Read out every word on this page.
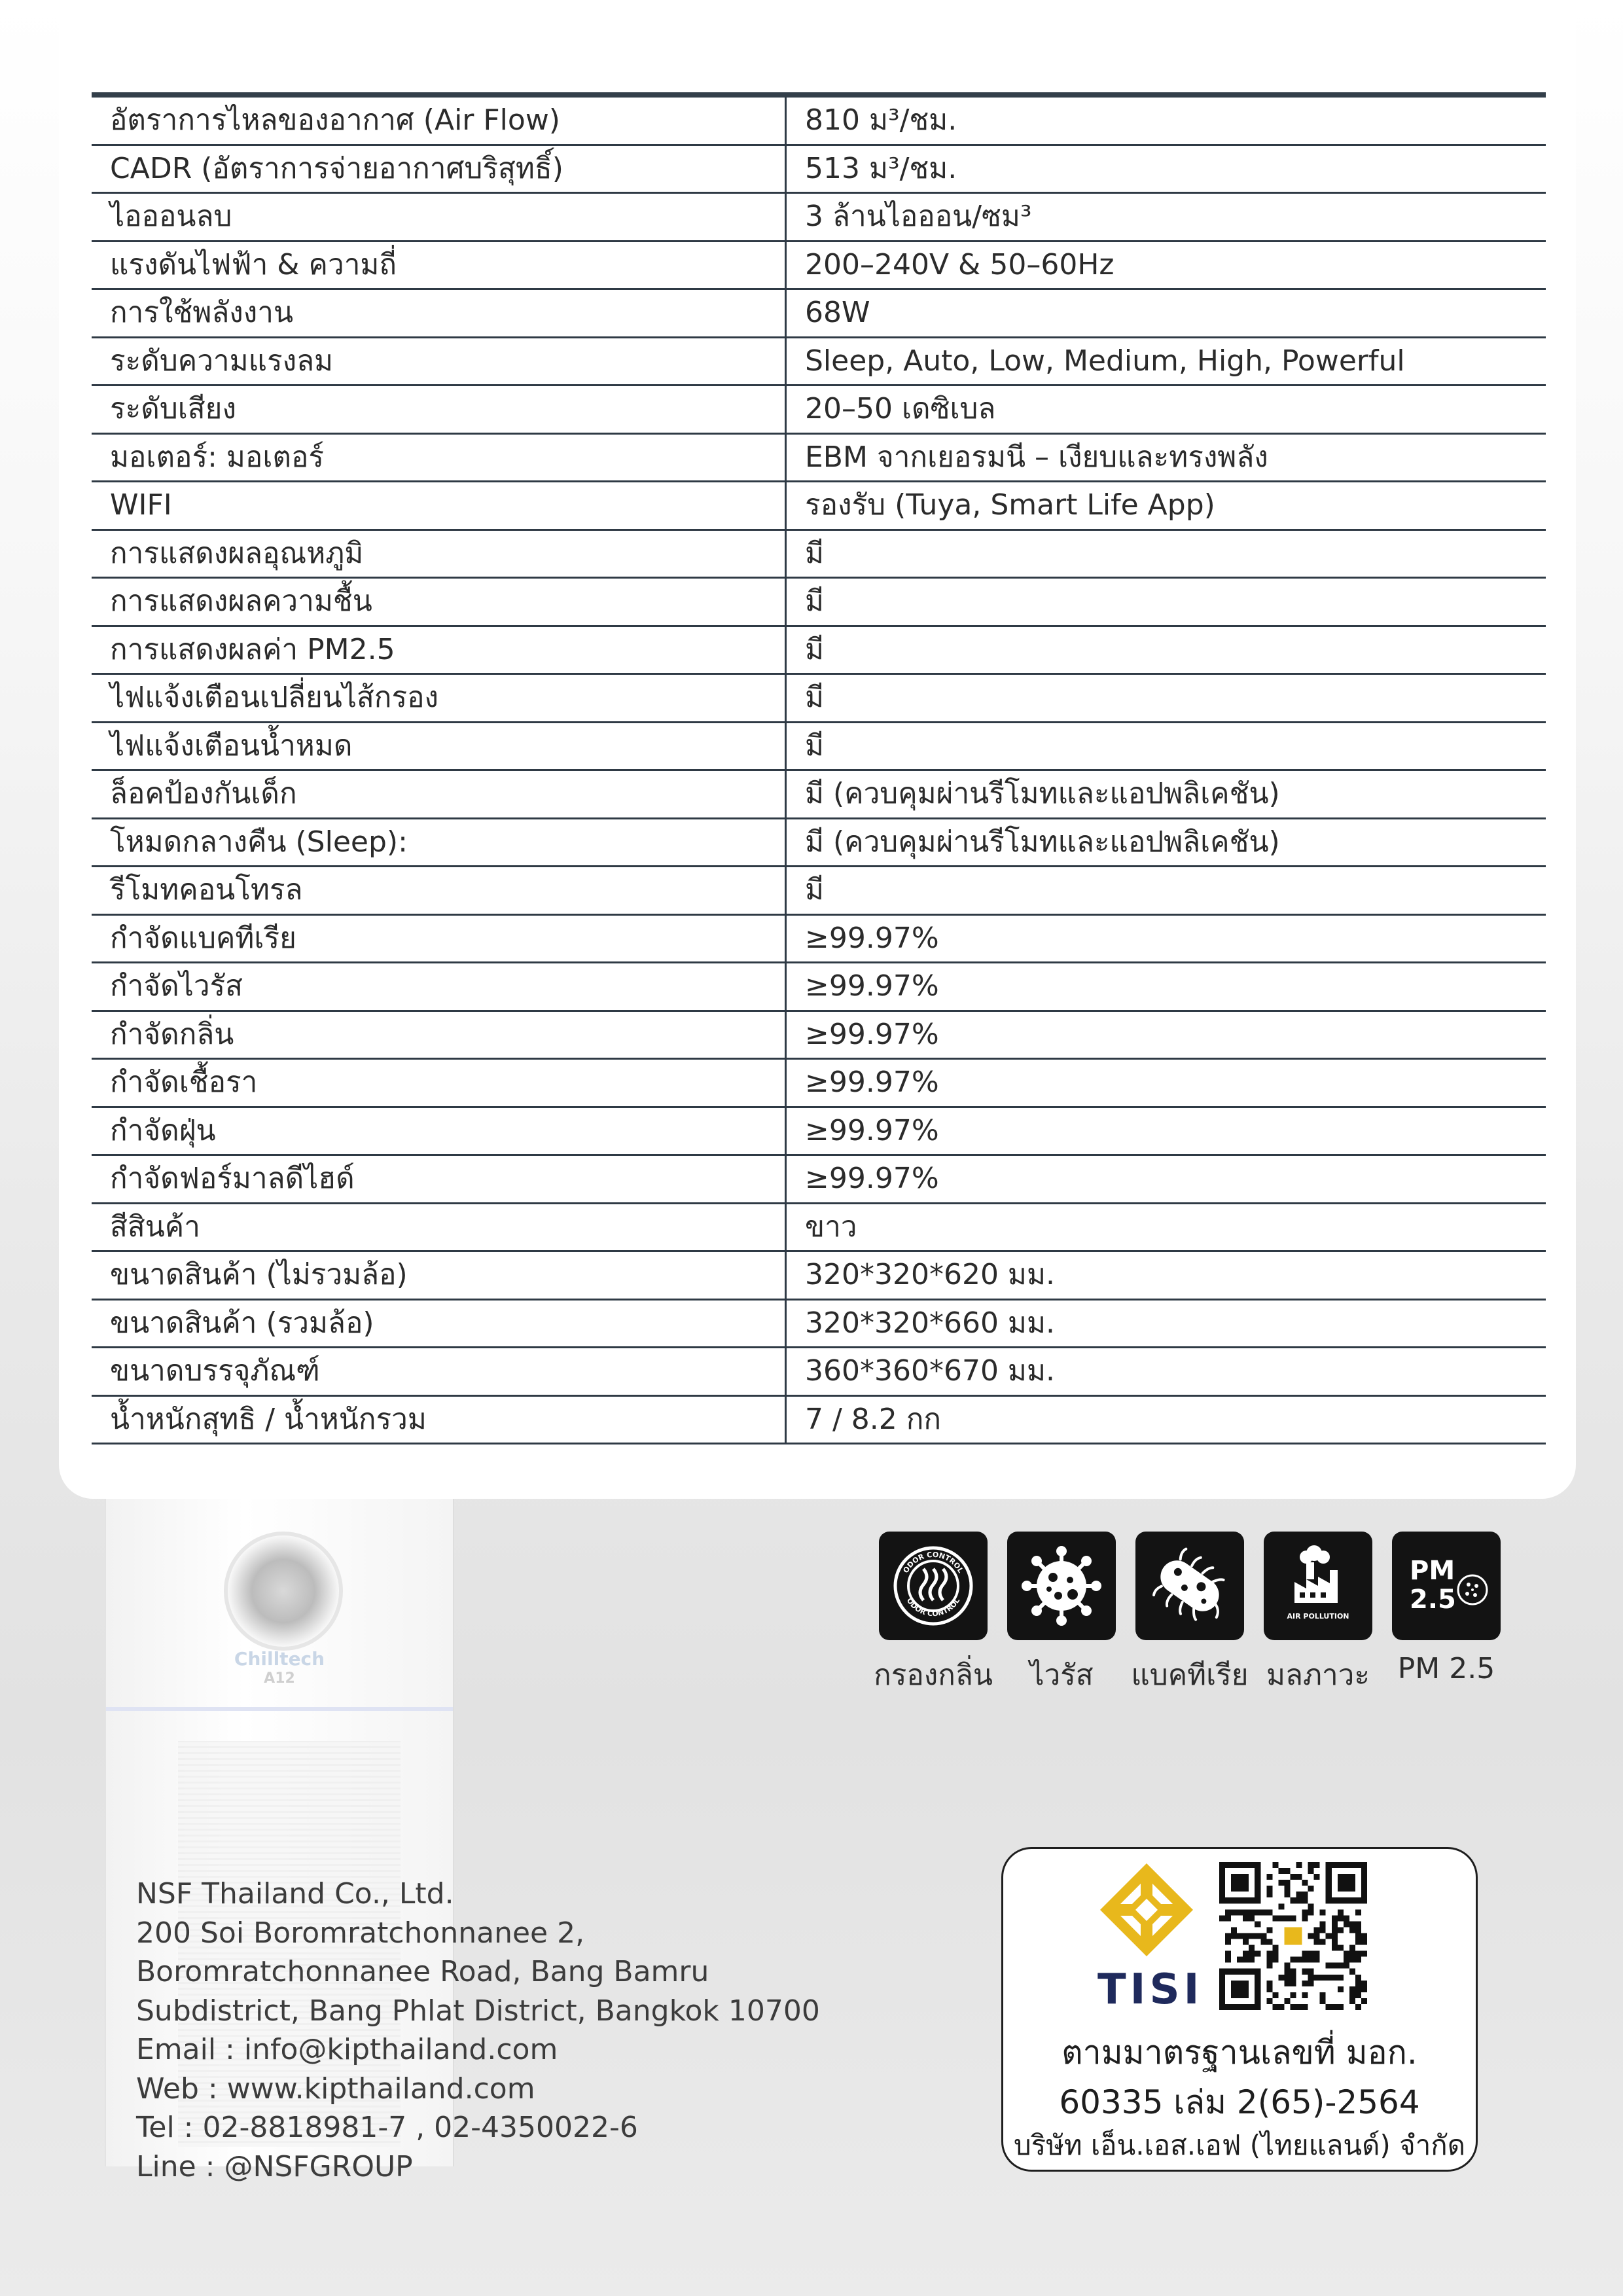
อัตราการไหลของอากาศ (Air Flow)	810 ม³/ชม.
CADR (อัตราการจ่ายอากาศบริสุทธิ์)	513 ม³/ชม.
ไอออนลบ	3 ล้านไอออน/ซม³
แรงดันไฟฟ้า & ความถี่	200–240V & 50–60Hz
การใช้พลังงาน	68W
ระดับความแรงลม	Sleep, Auto, Low, Medium, High, Powerful
ระดับเสียง	20–50 เดซิเบล
มอเตอร์: มอเตอร์	EBM จากเยอรมนี – เงียบและทรงพลัง
WIFI	รองรับ (Tuya, Smart Life App)
การแสดงผลอุณหภูมิ	มี
การแสดงผลความชื้น	มี
การแสดงผลค่า PM2.5	มี
ไฟแจ้งเตือนเปลี่ยนไส้กรอง	มี
ไฟแจ้งเตือนน้ำหมด	มี
ล็อคป้องกันเด็ก	มี (ควบคุมผ่านรีโมทและแอปพลิเคชัน)
โหมดกลางคืน (Sleep):	มี (ควบคุมผ่านรีโมทและแอปพลิเคชัน)
รีโมทคอนโทรล	มี
กำจัดแบคทีเรีย	≥99.97%
กำจัดไวรัส	≥99.97%
กำจัดกลิ่น	≥99.97%
กำจัดเชื้อรา	≥99.97%
กำจัดฝุ่น	≥99.97%
กำจัดฟอร์มาลดีไฮด์	≥99.97%
สีสินค้า	ขาว
ขนาดสินค้า (ไม่รวมล้อ)	320*320*620 มม.
ขนาดสินค้า (รวมล้อ)	320*320*660 มม.
ขนาดบรรจุภัณฑ์	360*360*670 มม.
น้ำหนักสุทธิ / น้ำหนักรวม	7 / 8.2 กก
Chilltech
A12
ODOR CONTROL
ODOR CONTROL
กรองกลิ่น	ไวรัส	แบคทีเรีย
AIR POLLUTION
มลภาวะ
PM
2.5
PM 2.5
NSF Thailand Co., Ltd.
200 Soi Boromratchonnanee 2,
Boromratchonnanee Road, Bang Bamru
Subdistrict, Bang Phlat District, Bangkok 10700
Email : info@kipthailand.com
Web : www.kipthailand.com
Tel : 02-8818981-7 , 02-4350022-6
Line : @NSFGROUP
TISI
ตามมาตรฐานเลขที่ มอก.
60335 เล่ม 2(65)-2564
บริษัท เอ็น.เอส.เอฟ (ไทยแลนด์) จำกัด
